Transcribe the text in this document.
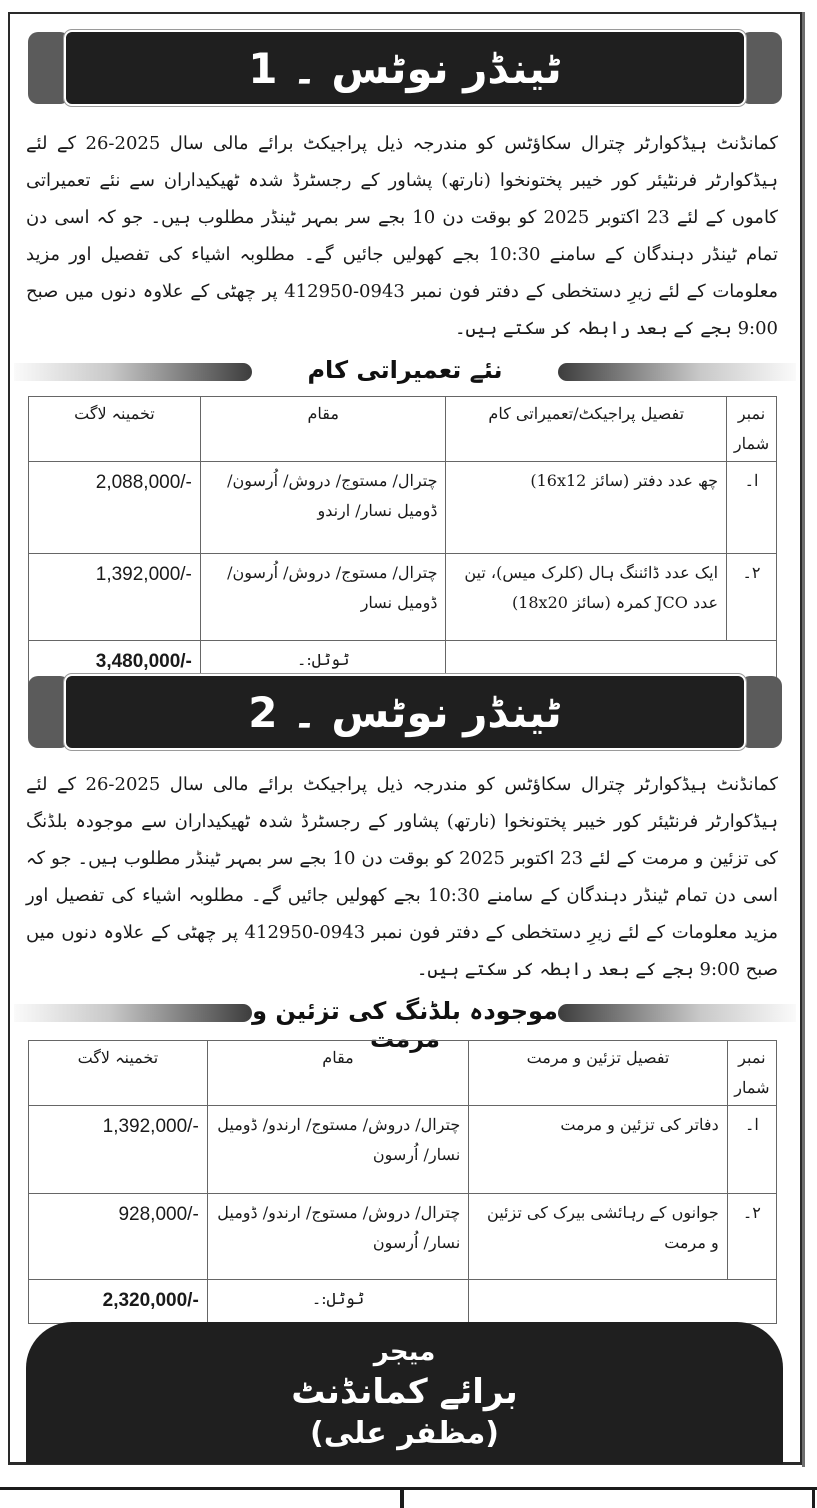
ٹینڈر نوٹس ۔ 1

کمانڈنٹ ہیڈکوارٹر چترال سکاؤٹس کو مندرجہ ذیل پراجیکٹ برائے مالی سال 2025-26 کے لئے ہیڈکوارٹر فرنٹیئر کور خیبر پختونخوا (نارتھ) پشاور کے رجسٹرڈ شدہ ٹھیکیداران سے نئے تعمیراتی کاموں کے لئے 23 اکتوبر 2025 کو بوقت دن 10 بجے سر بمہر ٹینڈر مطلوب ہیں۔ جو کہ اسی دن تمام ٹینڈر دہندگان کے سامنے 10:30 بجے کھولیں جائیں گے۔ مطلوبہ اشیاء کی تفصیل اور مزید معلومات کے لئے زیرِ دستخطی کے دفتر فون نمبر 0943-412950 پر چھٹی کے علاوہ دنوں میں صبح 9:00 بجے کے بعد رابطہ کر سکتے ہیں۔

نئے تعمیراتی کام
نمبر شمار	تفصیل پراجیکٹ/تعمیراتی کام	مقام	تخمینہ لاگت
ا۔	چھ عدد دفتر (سائز 16x12)	چترال/ مستوج/ دروش/ اُرسون/ ڈومیل نسار/ ارندو	2,088,000/-
۲۔	ایک عدد ڈائننگ ہال (کلرک میس)، تین عدد JCO کمرہ (سائز 18x20)	چترال/ مستوج/ دروش/ اُرسون/ ڈومیل نسار	1,392,000/-
		ٹوٹل:۔	3,480,000/-
ٹینڈر نوٹس ۔ 2

کمانڈنٹ ہیڈکوارٹر چترال سکاؤٹس کو مندرجہ ذیل پراجیکٹ برائے مالی سال 2025-26 کے لئے ہیڈکوارٹر فرنٹیئر کور خیبر پختونخوا (نارتھ) پشاور کے رجسٹرڈ شدہ ٹھیکیداران سے موجودہ بلڈنگ کی تزئین و مرمت کے لئے 23 اکتوبر 2025 کو بوقت دن 10 بجے سر بمہر ٹینڈر مطلوب ہیں۔ جو کہ اسی دن تمام ٹینڈر دہندگان کے سامنے 10:30 بجے کھولیں جائیں گے۔ مطلوبہ اشیاء کی تفصیل اور مزید معلومات کے لئے زیرِ دستخطی کے دفتر فون نمبر 0943-412950 پر چھٹی کے علاوہ دنوں میں صبح 9:00 بجے کے بعد رابطہ کر سکتے ہیں۔

موجودہ بلڈنگ کی تزئین و مرمت
نمبر شمار	تفصیل تزئین و مرمت	مقام	تخمینہ لاگت
ا۔	دفاتر کی تزئین و مرمت	چترال/ دروش/ مستوج/ ارندو/ ڈومیل نسار/ اُرسون	1,392,000/-
۲۔	جوانوں کے رہائشی بیرک کی تزئین و مرمت	چترال/ دروش/ مستوج/ ارندو/ ڈومیل نسار/ اُرسون	928,000/-
		ٹوٹل:۔	2,320,000/-
میجر
برائے کمانڈنٹ
(مظفر علی)
